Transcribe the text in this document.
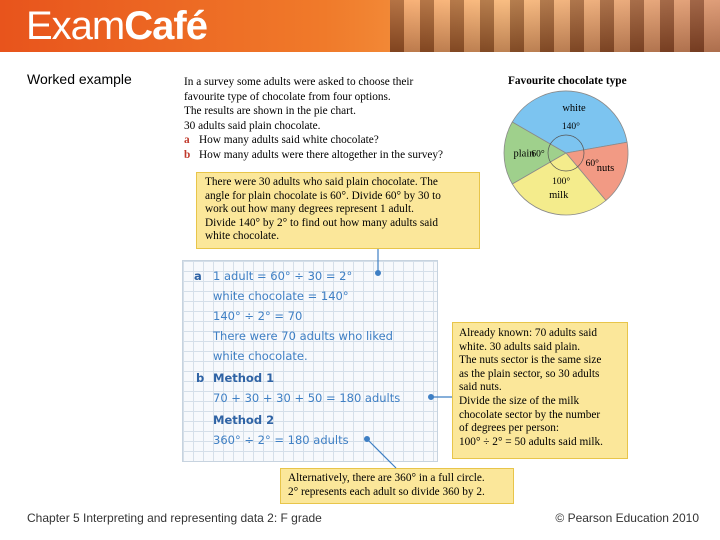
ExamCafé
Worked example	In a survey some adults were asked to choose their

favourite type of chocolate from four options.

The results are shown in the pie chart.

30 adults said plain chocolate.

a How many adults said white chocolate?
b How many adults were there altogether in the survey?
There were 30 adults who said plain chocolate. The
angle for plain chocolate is 60°. Divide 60° by 30 to
work out how many degrees represent 1 adult.
Divide 140° by 2° to find out how many adults said
white chocolate.
a 1 adult = 60° ÷ 30 = 2°
white chocolate = 140°
140° ÷ 2° = 70
There were 70 adults who liked
white chocolate.
b Method 1
70 + 30 + 30 + 50 = 180 adults
Method 2
360° ÷ 2° = 180 adults
Already known: 70 adults said
white. 30 adults said plain.
The nuts sector is the same size
as the plain sector, so 30 adults
said nuts.
Divide the size of the milk
chocolate sector by the number
of degrees per person:
100° ÷ 2° = 50 adults said milk.
Alternatively, there are 360° in a full circle.
2° represents each adult so divide 360 by 2.
Favourite chocolate type
plain
60°
white
140°
nuts
60°
milk
100°
Chapter 5 Interpreting and representing data 2: F grade	© Pearson Education 2010
